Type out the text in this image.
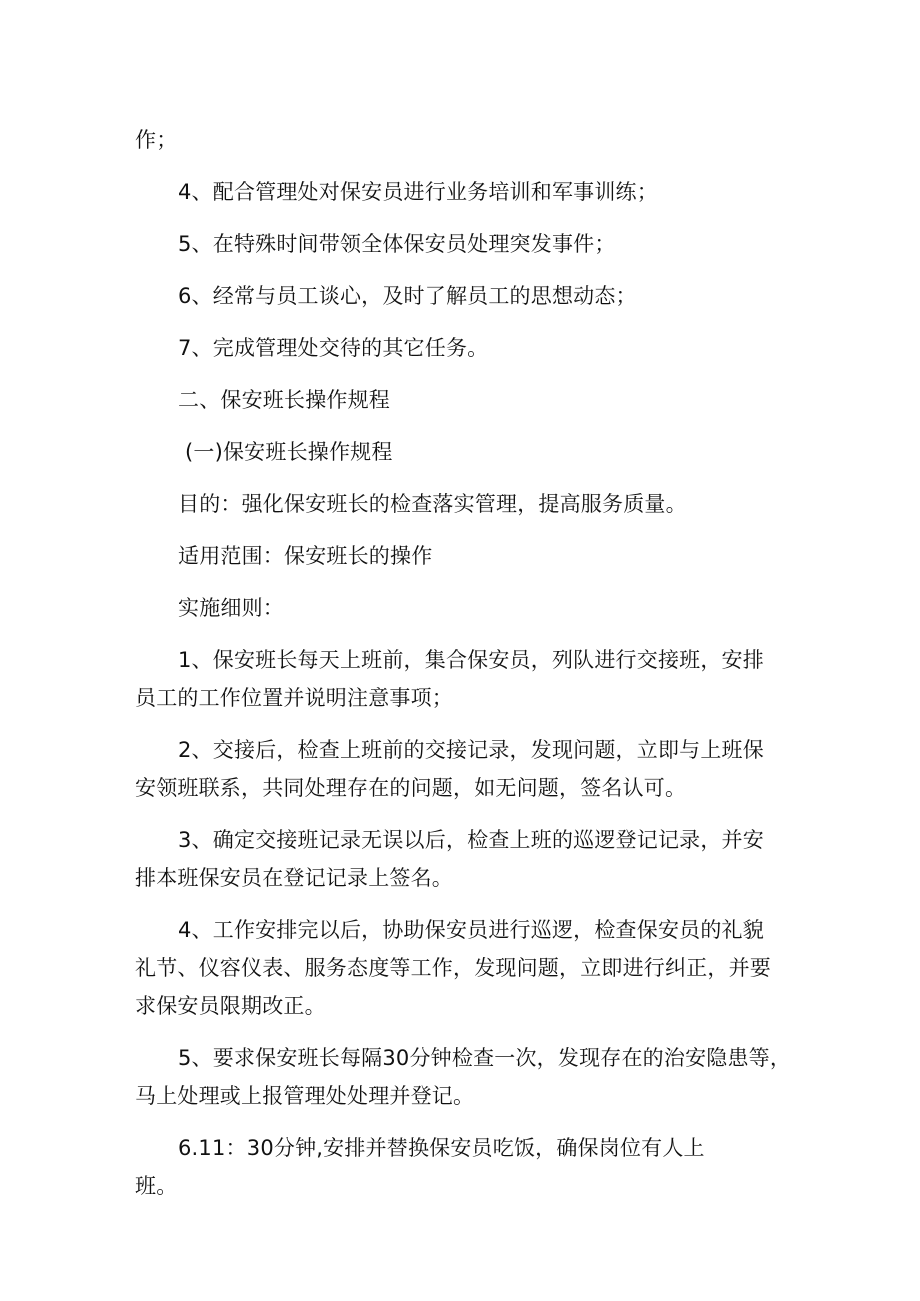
作；
4、配合管理处对保安员进行业务培训和军事训练；
5、在特殊时间带领全体保安员处理突发事件；
6、经常与员工谈心，及时了解员工的思想动态；
7、完成管理处交待的其它任务。
二、保安班长操作规程
(一)保安班长操作规程
目的：强化保安班长的检查落实管理，提高服务质量。
适用范围：保安班长的操作
实施细则：
1、保安班长每天上班前，集合保安员，列队进行交接班，安排
员工的工作位置并说明注意事项；
2、交接后，检查上班前的交接记录，发现问题，立即与上班保
安领班联系，共同处理存在的问题，如无问题，签名认可。
3、确定交接班记录无误以后，检查上班的巡逻登记记录，并安
排本班保安员在登记记录上签名。
4、工作安排完以后，协助保安员进行巡逻，检查保安员的礼貌
礼节、仪容仪表、服务态度等工作，发现问题，立即进行纠正，并要
求保安员限期改正。
5、要求保安班长每隔30分钟检查一次，发现存在的治安隐患等，
马上处理或上报管理处处理并登记。
6.11：30分钟,安排并替换保安员吃饭，确保岗位有人上
班。
